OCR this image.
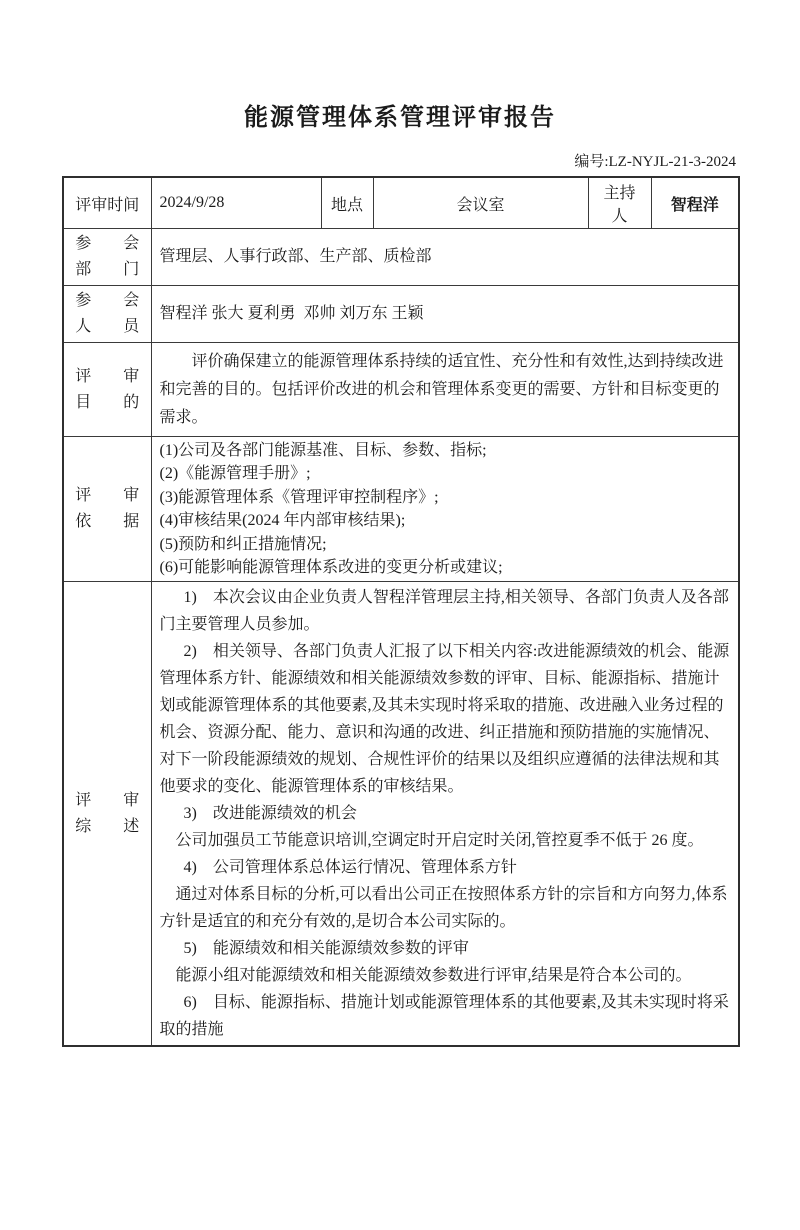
能源管理体系管理评审报告
编号:LZ-NYJL-21-3-2024
评审时间	2024/9/28	地点	会议室	主持人	智程洋

参 会
部 门	管理层、人事行政部、生产部、质检部				

参 会
人 员	智程洋 张大 夏利勇  邓帅 刘万东 王颖				

评 审
目 的	评价确保建立的能源管理体系持续的适宜性、充分性和有效性,达到持续改进和完善的目的。包括评价改进的机会和管理体系变更的需要、方针和目标变更的需求。				

评 审
依 据

(1)公司及各部门能源基准、目标、参数、指标;
(2)《能源管理手册》;
(3)能源管理体系《管理评审控制程序》;
(4)审核结果(2024 年内部审核结果);
(5)预防和纠正措施情况;
(6)可能影响能源管理体系改进的变更分析或建议;

评 审
综 述

1)　本次会议由企业负责人智程洋管理层主持,相关领导、各部门负责人及各部门主要管理人员参加。

2)　相关领导、各部门负责人汇报了以下相关内容:改进能源绩效的机会、能源管理体系方针、能源绩效和相关能源绩效参数的评审、目标、能源指标、措施计划或能源管理体系的其他要素,及其未实现时将采取的措施、改进融入业务过程的机会、资源分配、能力、意识和沟通的改进、纠正措施和预防措施的实施情况、对下一阶段能源绩效的规划、合规性评价的结果以及组织应遵循的法律法规和其他要求的变化、能源管理体系的审核结果。

3)　改进能源绩效的机会

公司加强员工节能意识培训,空调定时开启定时关闭,管控夏季不低于 26 度。

4)　公司管理体系总体运行情况、管理体系方针

通过对体系目标的分析,可以看出公司正在按照体系方针的宗旨和方向努力,体系方针是适宜的和充分有效的,是切合本公司实际的。

5)　能源绩效和相关能源绩效参数的评审

能源小组对能源绩效和相关能源绩效参数进行评审,结果是符合本公司的。

6)　目标、能源指标、措施计划或能源管理体系的其他要素,及其未实现时将采取的措施
